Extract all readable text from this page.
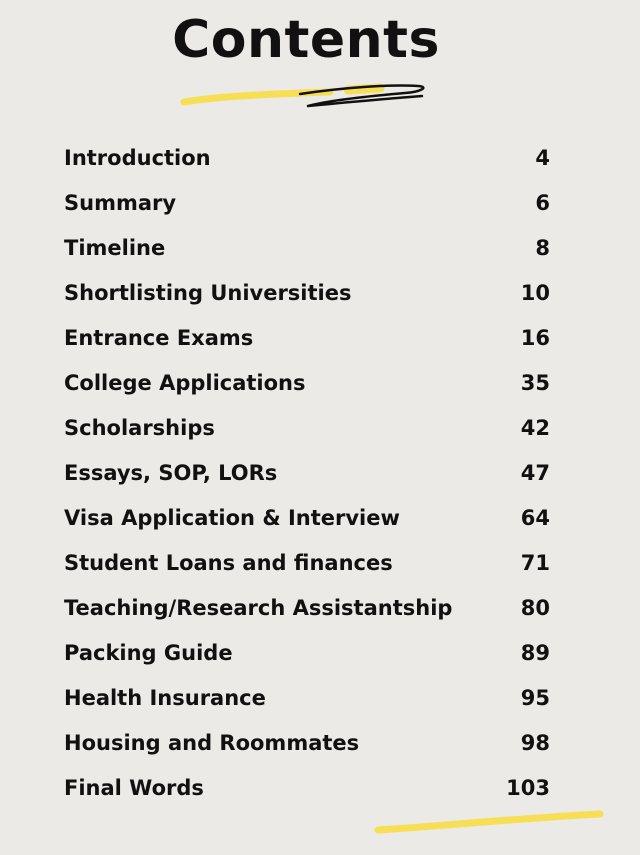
Contents
Introduction	4
Summary	6
Timeline	8
Shortlisting Universities	10
Entrance Exams	16
College Applications	35
Scholarships	42
Essays, SOP, LORs	47
Visa Application & Interview	64
Student Loans and finances	71
Teaching/Research Assistantship	80
Packing Guide	89
Health Insurance	95
Housing and Roommates	98
Final Words	103
